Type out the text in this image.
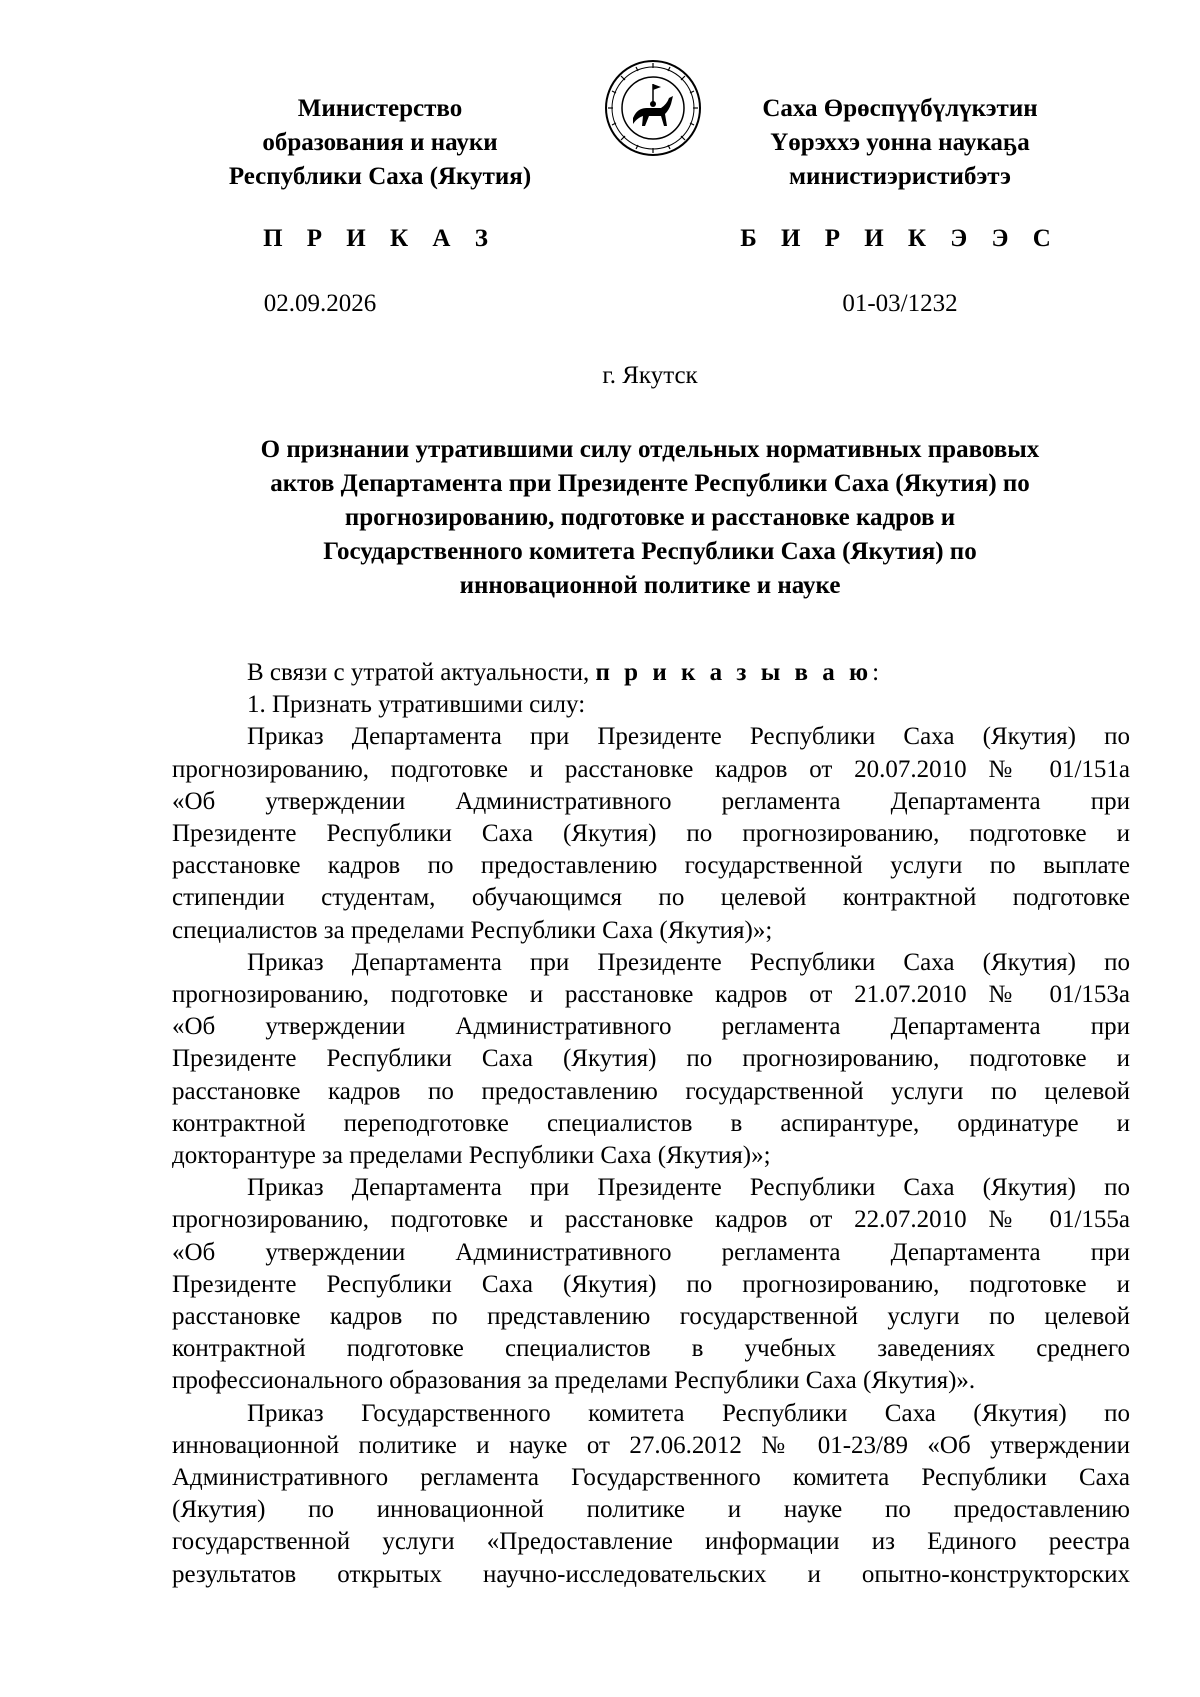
Министерство
образования и науки
Республики Саха (Якутия)
Саха Өрөспүүбүлүкэтин
Үөрэххэ уонна наукаҕа
министиэристибэтэ
П Р И К А З	Б И Р И К Э Э С
02.09.2026	01-03/1232
г. Якутск
О признании утратившими силу отдельных нормативных правовых
актов Департамента при Президенте Республики Саха (Якутия) по
прогнозированию, подготовке и расстановке кадров и
Государственного комитета Республики Саха (Якутия) по
инновационной политике и науке
В связи с утратой актуальности, п р и к а з ы в а ю:
1. Признать утратившими силу:
Приказ Департамента при Президенте Республики Саха (Якутия) по
прогнозированию, подготовке и расстановке кадров от 20.07.2010 № 01/151а
«Об утверждении Административного регламента Департамента при
Президенте Республики Саха (Якутия) по прогнозированию, подготовке и
расстановке кадров по предоставлению государственной услуги по выплате
стипендии студентам, обучающимся по целевой контрактной подготовке
специалистов за пределами Республики Саха (Якутия)»;
Приказ Департамента при Президенте Республики Саха (Якутия) по
прогнозированию, подготовке и расстановке кадров от 21.07.2010 № 01/153а
«Об утверждении Административного регламента Департамента при
Президенте Республики Саха (Якутия) по прогнозированию, подготовке и
расстановке кадров по предоставлению государственной услуги по целевой
контрактной переподготовке специалистов в аспирантуре, ординатуре и
докторантуре за пределами Республики Саха (Якутия)»;
Приказ Департамента при Президенте Республики Саха (Якутия) по
прогнозированию, подготовке и расстановке кадров от 22.07.2010 № 01/155а
«Об утверждении Административного регламента Департамента при
Президенте Республики Саха (Якутия) по прогнозированию, подготовке и
расстановке кадров по представлению государственной услуги по целевой
контрактной подготовке специалистов в учебных заведениях среднего
профессионального образования за пределами Республики Саха (Якутия)».
Приказ Государственного комитета Республики Саха (Якутия) по
инновационной политике и науке от 27.06.2012 № 01-23/89 «Об утверждении
Административного регламента Государственного комитета Республики Саха
(Якутия) по инновационной политике и науке по предоставлению
государственной услуги «Предоставление информации из Единого реестра
результатов открытых научно-исследовательских и опытно-конструкторских
